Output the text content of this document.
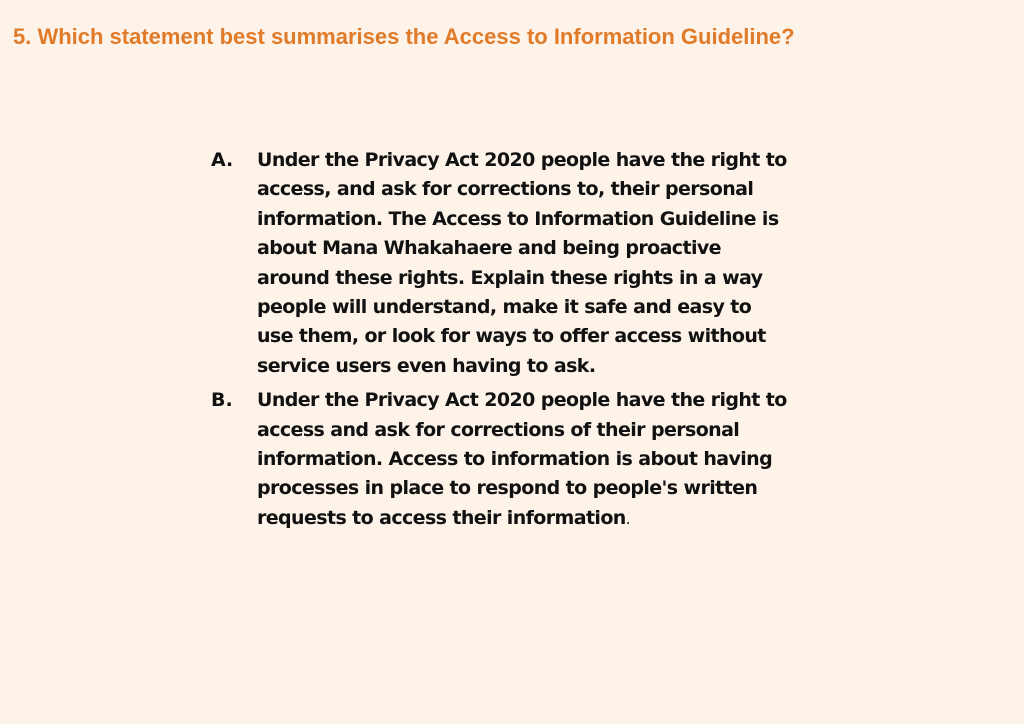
5. Which statement best summarises the Access to Information Guideline?
A.	Under the Privacy Act 2020 people have the right to
access, and ask for corrections to, their personal
information. The Access to Information Guideline is
about Mana Whakahaere and being proactive
around these rights. Explain these rights in a way
people will understand, make it safe and easy to
use them, or look for ways to offer access without
service users even having to ask.
B.	Under the Privacy Act 2020 people have the right to
access and ask for corrections of their personal
information. Access to information is about having
processes in place to respond to people's written
requests to access their information.
